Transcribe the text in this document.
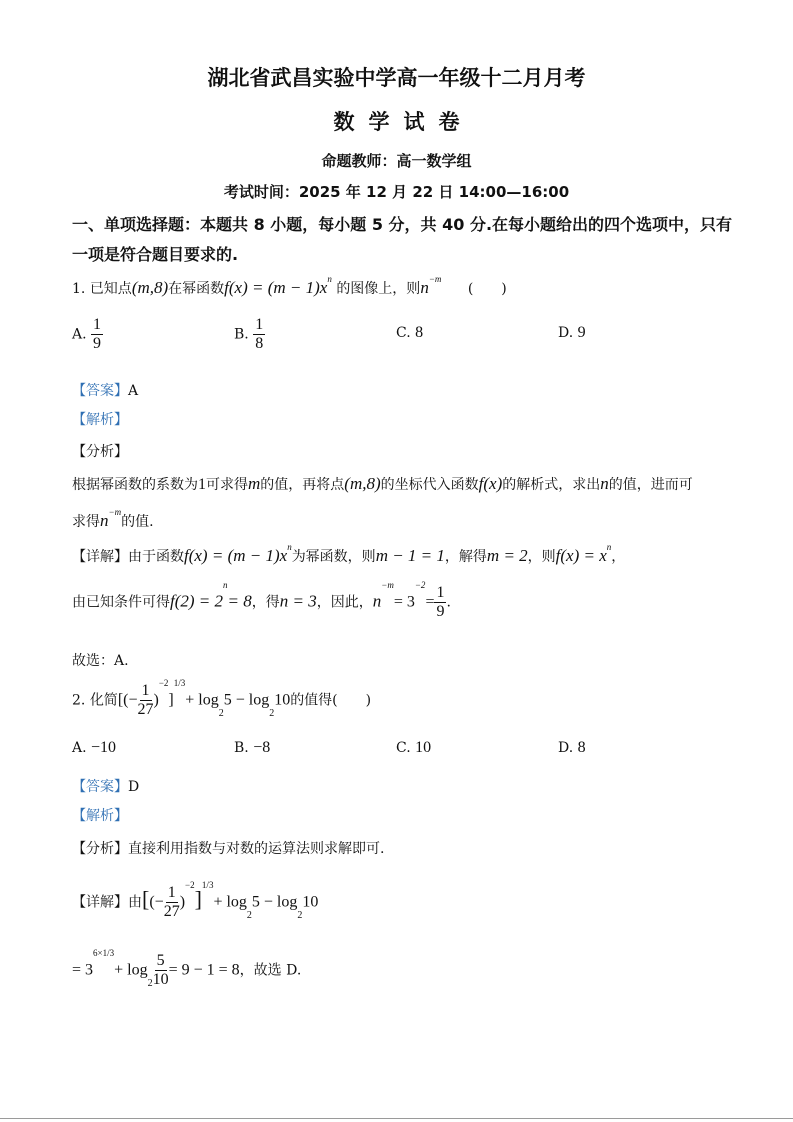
湖北省武昌实验中学高一年级十二月月考
数学试卷
命题教师：高一数学组
考试时间：2025 年 12 月 22 日 14:00—16:00
一、单项选择题：本题共 8 小题，每小题 5 分，共 40 分.在每小题给出的四个选项中，只有
一项是符合题目要求的.
1. 已知点(m,8)在幂函数$f(x) = (m - 1)x^n$ 的图像上，则$n^{-m}$ (　　)
A. $\frac{1}{9}$	B. $\frac{1}{8}$	C. 8	D. 9
【答案】A
【解析】
【分析】
根据幂函数的系数为1可求得m的值，再将点(m,8)的坐标代入函数f(x)的解析式，求出n的值，进而可
求得$n^{-m}$的值.
【详解】由于函数$f(x) = (m - 1)x^n$为幂函数，则m − 1 = 1，解得m = 2，则$f(x) = x^n$，
由已知条件可得$f(2) = 2^n= 8$，得n = 3，因此，$n^{-m}= 3^{-2}= \frac{1}{9}$ .
故选：A.
2. 化简[(− $\frac{1}{27} )^{-2}]^{1/3}+ \log 25 - \log 210$的值得(　　)
A. −10	B. −8	C. 10	D. 8
【答案】D
【解析】
【分析】直接利用指数与对数的运算法则求解即可.
【详解】由[(− $\frac{1}{27} )^{-2}]^{1/3}+ \log 25 - \log 210$
= $3^{6\times 1/3}+ \log 2 \frac{5}{10} = 9 - 1 = 8$，故选 D.
